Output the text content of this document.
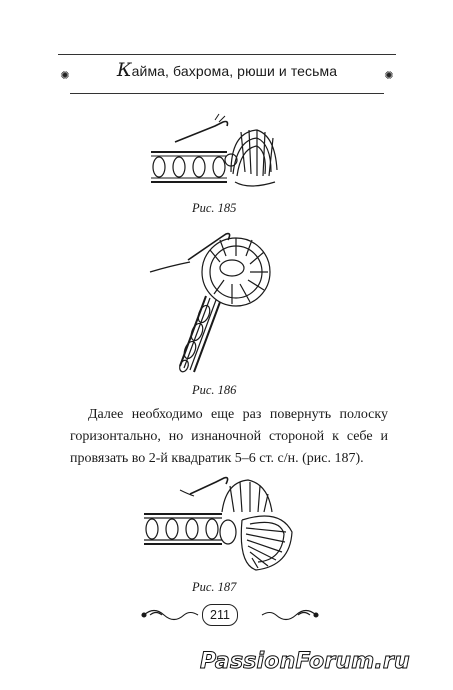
✺	Кайма, бахрома, рюши и тесьма	✺
Рис. 185
Рис. 186

Далее необходимо еще раз повернуть полоску горизонтально, но изнаночной стороной к себе и провязать во 2-й квадратик 5–6 ст. с/н. (рис. 187).

Рис. 187
211
PassionForum.ru
